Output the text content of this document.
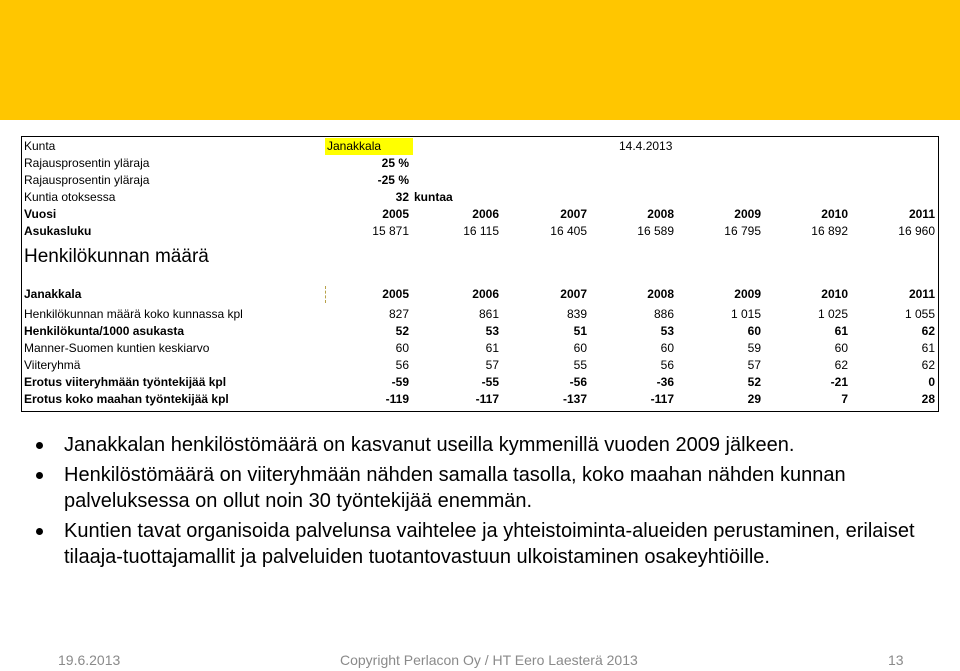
Kunta	Janakkala	14.4.2013
Rajausprosentin yläraja	25 %
Rajausprosentin yläraja	-25 %
Kuntia otoksessa	32 kuntaa
Vuosi	2005	2006	2007	2008	2009	2010	2011
Asukasluku	15 871	16 115	16 405	16 589	16 795	16 892	16 960
Henkilökunnan määrä
Janakkala	2005	2006	2007	2008	2009	2010	2011
Henkilökunnan määrä koko kunnassa kpl	827	861	839	886	1 015	1 025	1 055
Henkilökunta/1000 asukasta	52	53	51	53	60	61	62
Manner-Suomen kuntien keskiarvo	60	61	60	60	59	60	61
Viiteryhmä	56	57	55	56	57	62	62
Erotus viiteryhmään työntekijää kpl	-59	-55	-56	-36	52	-21	0
Erotus koko maahan työntekijää kpl	-119	-117	-137	-117	29	7	28
Janakkalan henkilöstömäärä on kasvanut useilla kymmenillä vuoden 2009 jälkeen.
Henkilöstömäärä on viiteryhmään nähden samalla tasolla, koko maahan nähden kunnan palveluksessa on ollut noin 30 työntekijää enemmän.
Kuntien tavat organisoida palvelunsa vaihtelee ja yhteistoiminta-alueiden perustaminen, erilaiset tilaaja-tuottajamallit ja palveluiden tuotantovastuun ulkoistaminen osakeyhtiöille.
19.6.2013	Copyright Perlacon Oy / HT Eero Laesterä 2013	13
